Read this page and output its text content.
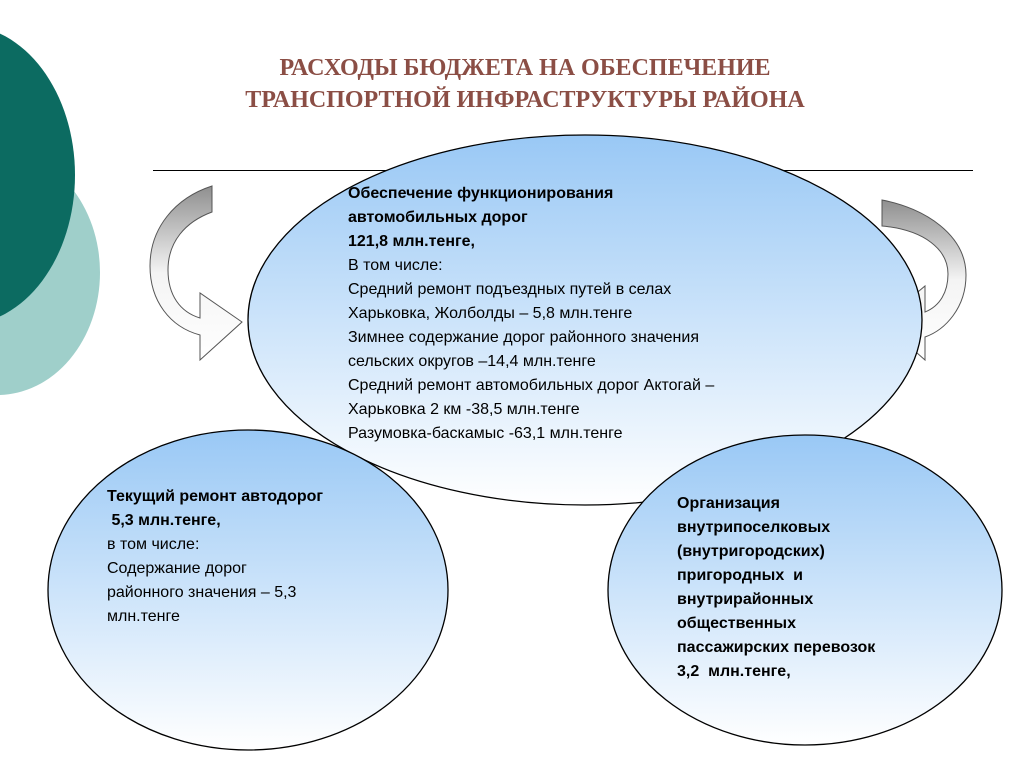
РАСХОДЫ БЮДЖЕТА НА ОБЕСПЕЧЕНИЕ
ТРАНСПОРТНОЙ ИНФРАСТРУКТУРЫ РАЙОНА
Обеспечение функционирования
автомобильных дорог
121,8 млн.тенге,
В том числе:
Средний ремонт подъездных путей в селах
Харьковка, Жолболды – 5,8 млн.тенге
Зимнее содержание дорог районного значения
сельских округов –14,4 млн.тенге
Средний ремонт автомобильных дорог Актогай –
Харьковка 2 км -38,5 млн.тенге
Разумовка-баскамыс -63,1 млн.тенге
Текущий ремонт автодорог
5,3 млн.тенге,
в том числе:
Содержание дорог
районного значения – 5,3
млн.тенге
Организация
внутрипоселковых
(внутригородских)
пригородных  и
внутрирайонных
общественных
пассажирских перевозок
3,2  млн.тенге,
